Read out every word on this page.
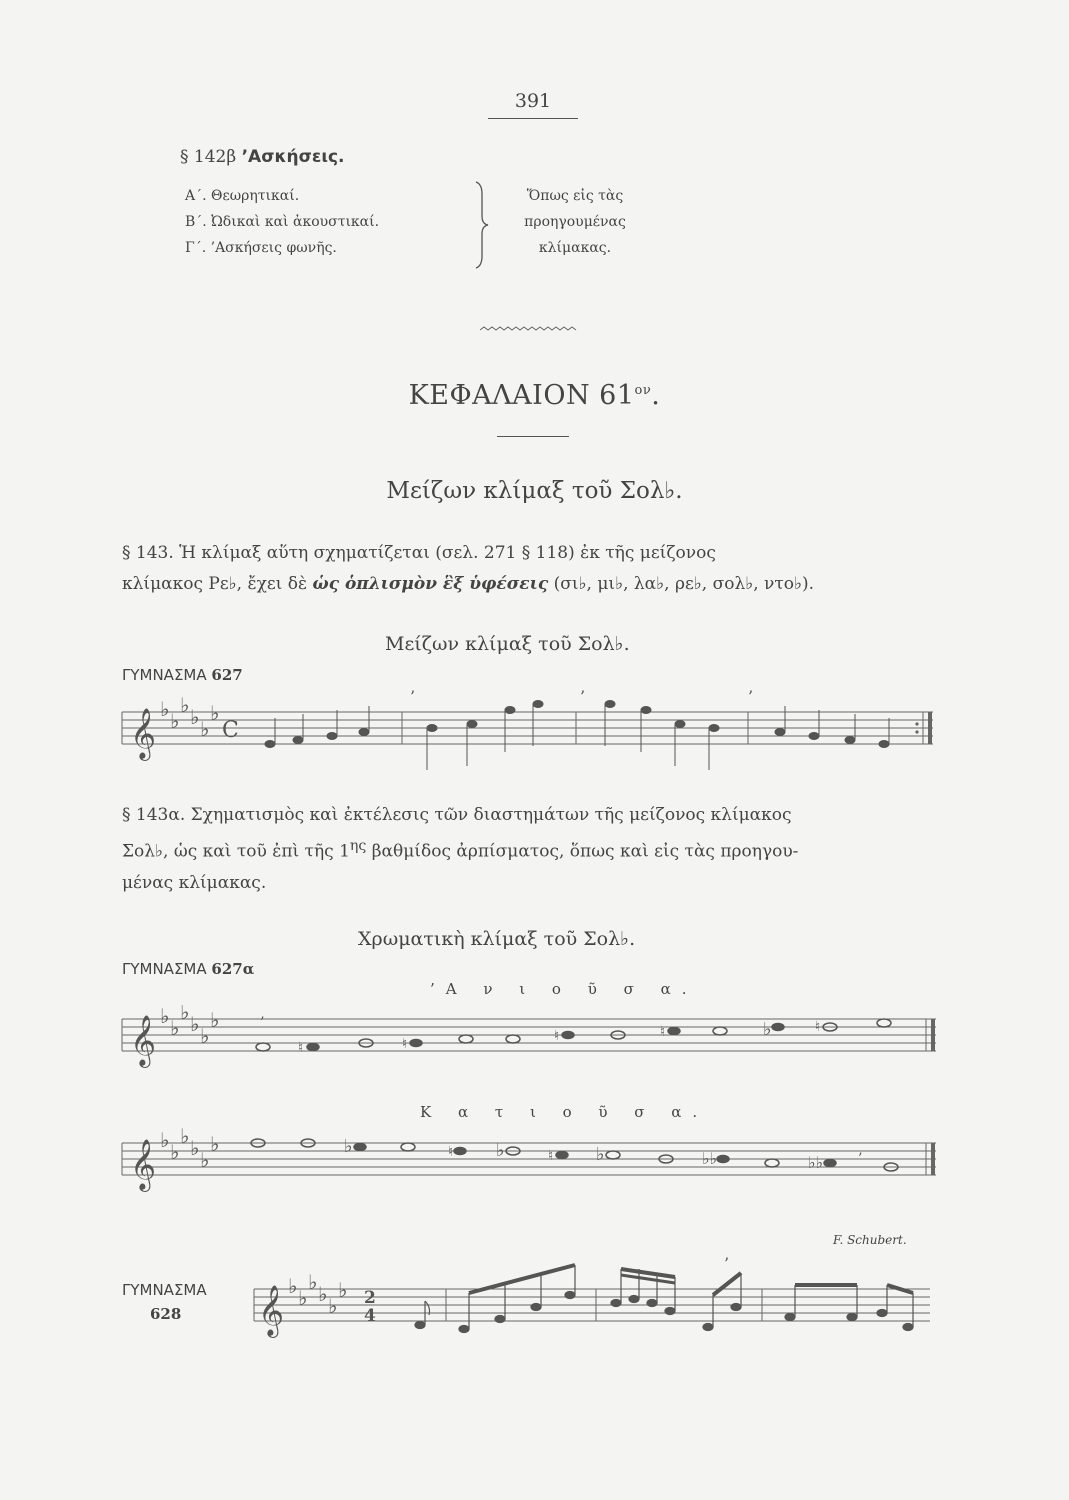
391
§ 142β ’Ασκήσεις.
Α΄. Θεωρητικαί.
Β΄. Ὠδικαὶ καὶ ἀκουστικαί.
Γ΄. ’Ασκήσεις φωνῆς.
Ὅπως εἰς τὰς
προηγουμένας
κλίμακας.
ΚΕΦΑΛΑΙΟΝ $61^{o\nu}$.
Μείζων κλίμαξ τοῦ Σολ♭.
§ 143. Ἡ κλίμαξ αὕτη σχηματίζεται (σελ. 271 § 118) ἐκ τῆς μείζονος
κλίμακος Ρε♭, ἔχει δὲ ὡς ὁπλισμὸν ἓξ ὑφέσεις (σι♭, μι♭, λα♭, ρε♭, σολ♭, ντο♭).
Μείζων κλίμαξ τοῦ Σολ♭.
ΓΥΜΝΑΣΜΑ 627
𝄞 ♭ ♭
♭ ♭ ♭
♭
C
’	’	’
§ 143α. Σχηματισμὸς καὶ ἐκτέλεσις τῶν διαστημάτων τῆς μείζονος κλίμακος
Σολ♭, ὡς καὶ τοῦ ἐπὶ τῆς $1^{\eta\varsigma}$ βαθμίδος ἀρπίσματος, ὅπως καὶ εἰς τὰς προηγου-
μένας κλίμακας.
Χρωματικὴ κλίμαξ τοῦ Σολ♭.
ΓΥΜΝΑΣΜΑ 627α
’Α ν ι ο ῦ σ α.
𝄞 ♭ ♭
♭ ♭ ♭
♭
♮	♮	♮	♮	♭	♮
’
Κ α τ ι ο ῦ σ α.
𝄞 ♭ ♭
♭ ♭ ♭
♭	♭	♮ ♭	♮ ♭	♭♭	♭♭ ’
F. Schubert.
ΓΥΜΝΑΣΜΑ
628	𝄞 ♭ ♭
♭ ♭ ♭
♭ 2
4
’
